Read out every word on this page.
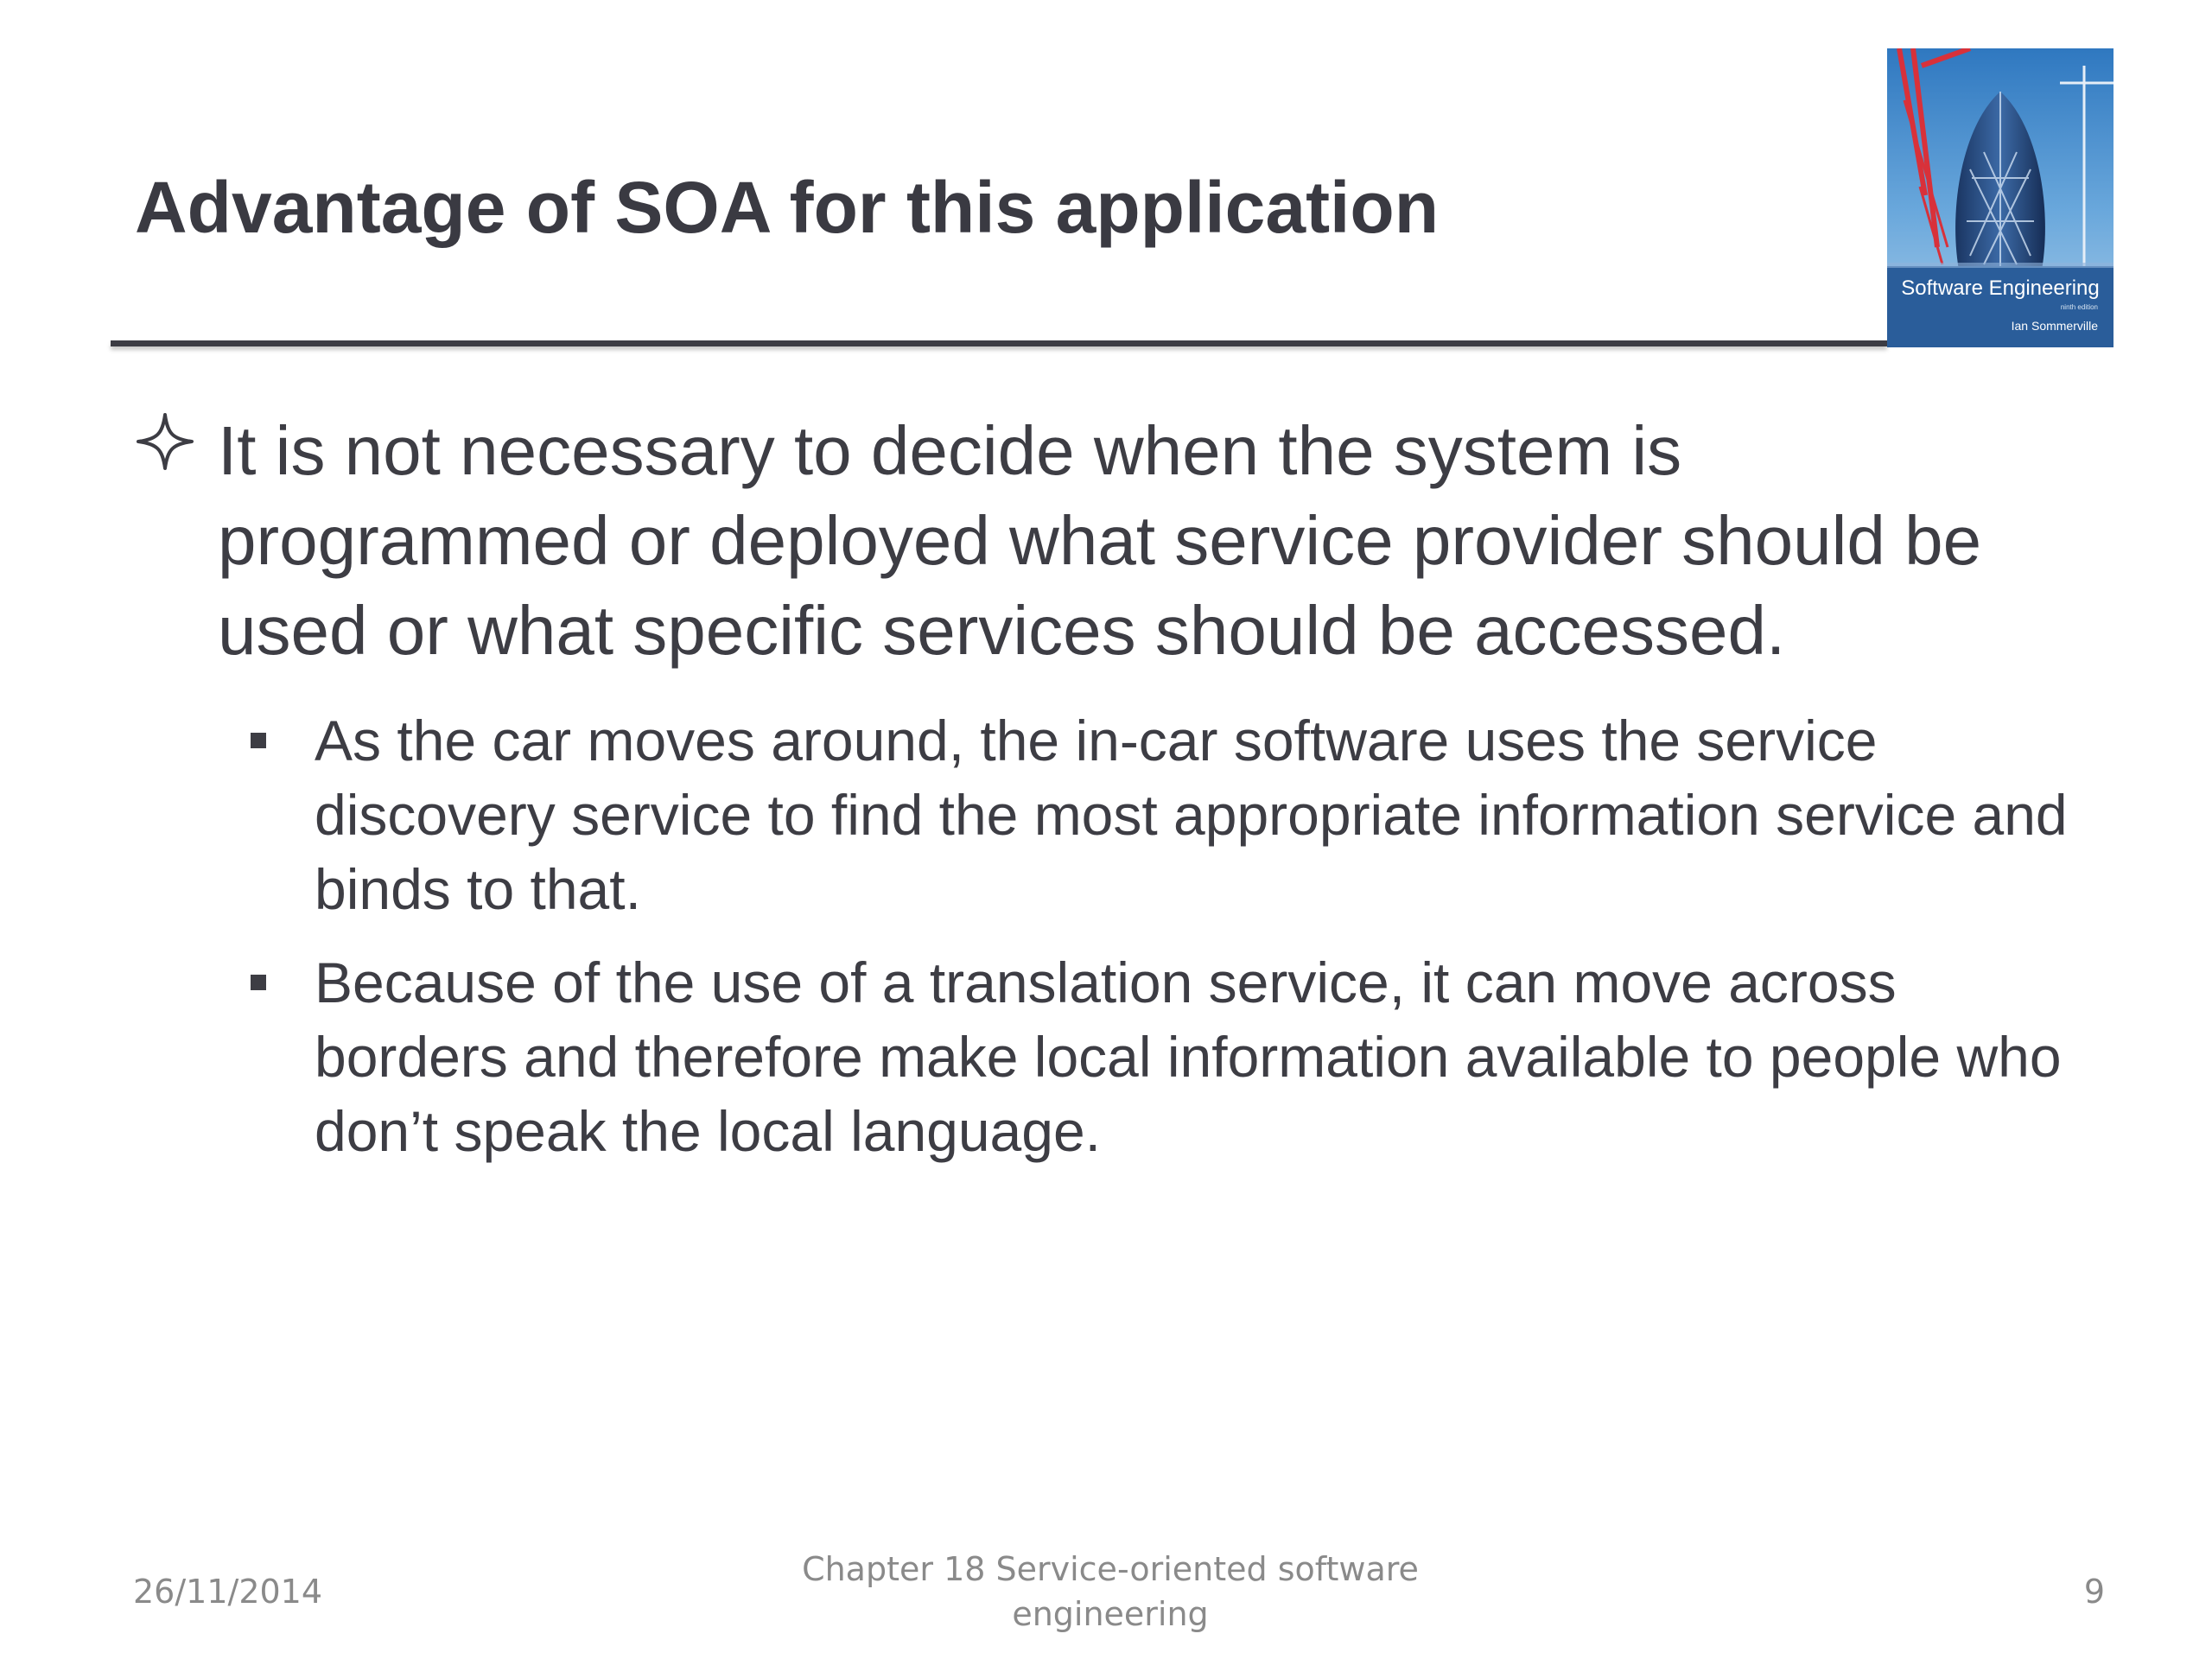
Advantage of SOA for this application
Software Engineering
ninth edition
Ian Sommerville
It is not necessary to decide when the system is programmed or deployed what service provider should be used or what specific services should be accessed.
As the car moves around, the in-car software uses the service discovery service to find the most appropriate information service and binds to that.
Because of the use of a translation service, it can move across borders and therefore make local information available to people who don’t speak the local language.
26/11/2014
Chapter 18 Service-oriented software engineering
9
